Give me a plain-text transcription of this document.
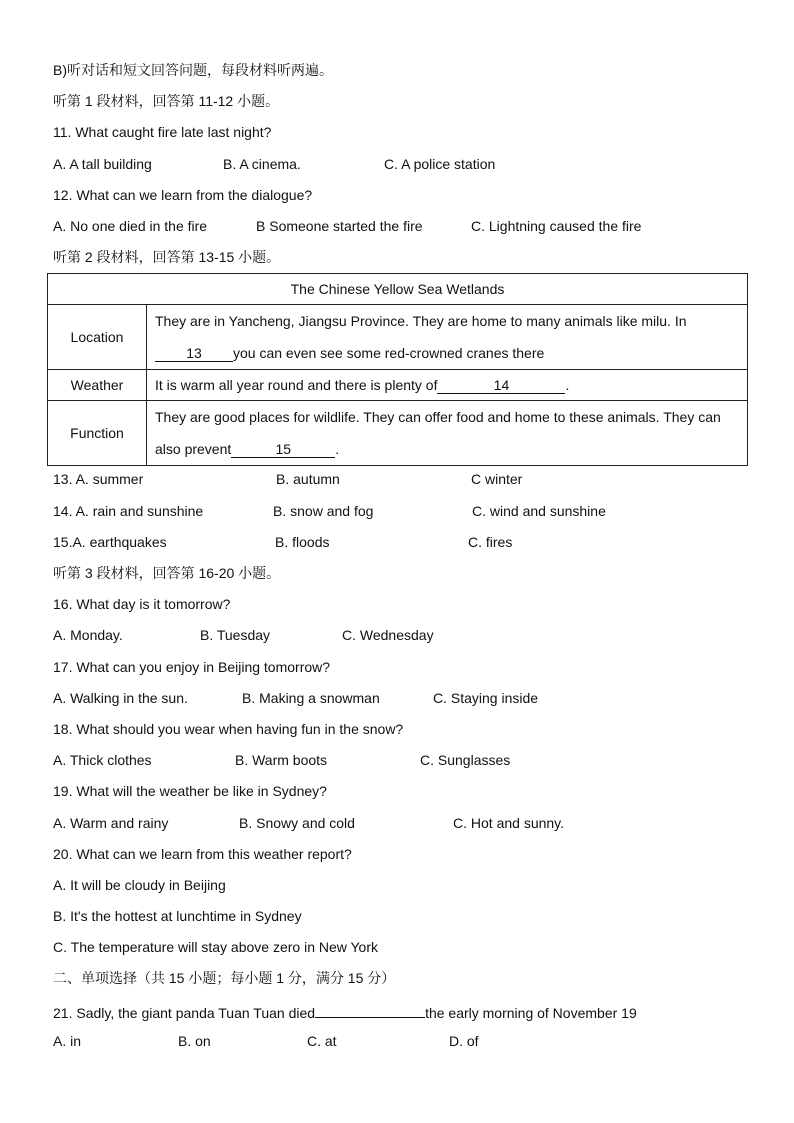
B)听对话和短文回答问题，每段材料听两遍。
听第 1 段材料，回答第 11-12 小题。
11. What caught fire late last night?
A. A tall building	B. A cinema.	C. A police station
12. What can we learn from the dialogue?
A. No one died in the fire	B Someone started the fire	C. Lightning caused the fire
听第 2 段材料，回答第 13-15 小题。
The Chinese Yellow Sea Wetlands	
Location	They are in Yancheng, Jiangsu Province. They are home to many animals like milu. In
13 you can even see some red-crowned cranes there

Weather	It is warm all year round and there is plenty of 14 .
Function	They are good places for wildlife. They can offer food and home to these animals. They can
also prevent 15 .
13. A. summer	B. autumn	C winter
14. A. rain and sunshine	B. snow and fog	C. wind and sunshine
15.A. earthquakes	B. floods	C. fires
听第 3 段材料，回答第 16-20 小题。
16. What day is it tomorrow?
A. Monday.	B. Tuesday	C. Wednesday
17. What can you enjoy in Beijing tomorrow?
A. Walking in the sun.	B. Making a snowman	C. Staying inside
18. What should you wear when having fun in the snow?
A. Thick clothes	B. Warm boots	C. Sunglasses
19. What will the weather be like in Sydney?
A. Warm and rainy	B. Snowy and cold	C. Hot and sunny.
20. What can we learn from this weather report?
A. It will be cloudy in Beijing
B. It's the hottest at lunchtime in Sydney
C. The temperature will stay above zero in New York
二、单项选择（共 15 小题；每小题 1 分，满分 15 分）
21. Sadly, the giant panda Tuan Tuan died	the early morning of November 19
A. in	B. on	C. at	D. of
